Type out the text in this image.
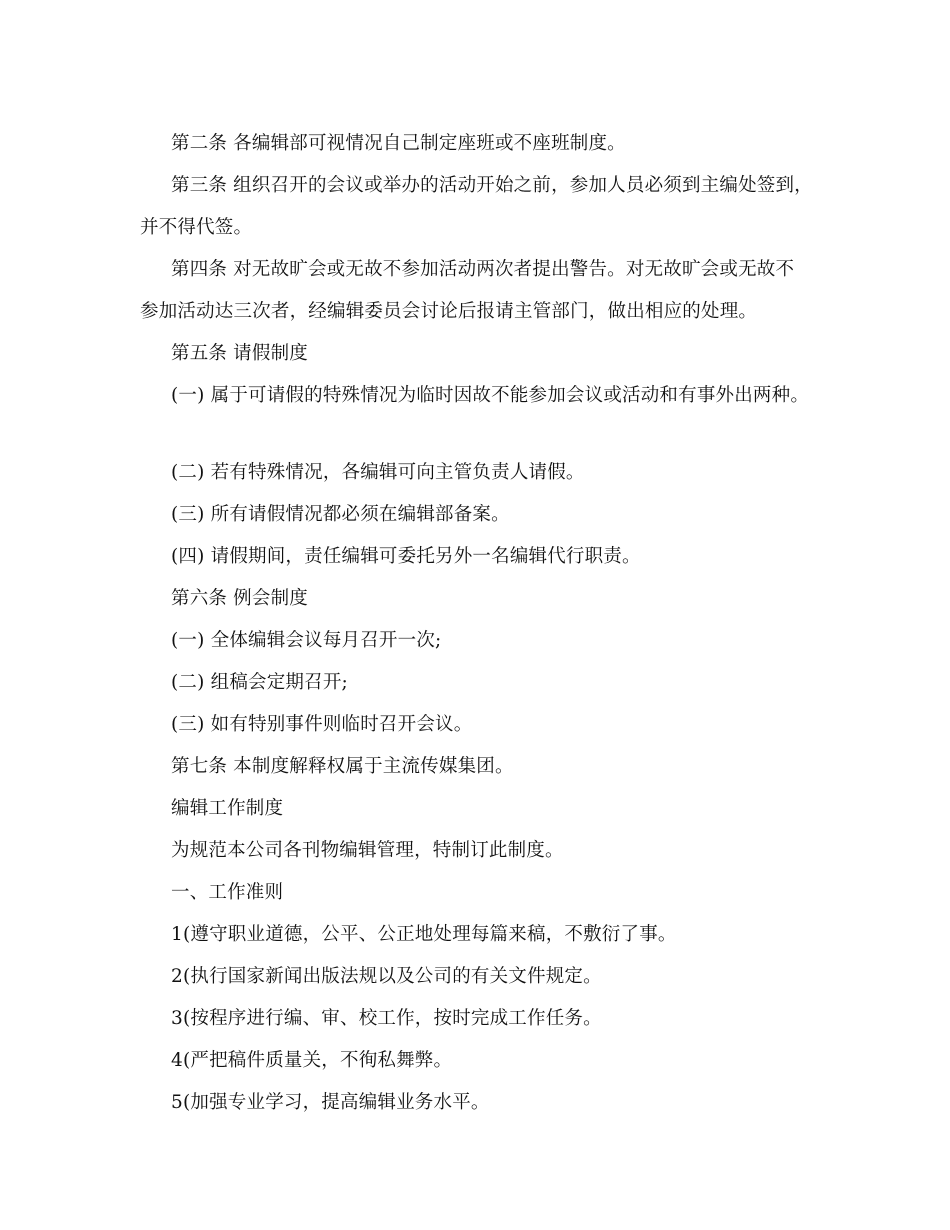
第二条 各编辑部可视情况自己制定座班或不座班制度。
第三条 组织召开的会议或举办的活动开始之前，参加人员必须到主编处签到，
并不得代签。
第四条 对无故旷会或无故不参加活动两次者提出警告。对无故旷会或无故不
参加活动达三次者，经编辑委员会讨论后报请主管部门，做出相应的处理。
第五条 请假制度
(一) 属于可请假的特殊情况为临时因故不能参加会议或活动和有事外出两种。
(二) 若有特殊情况，各编辑可向主管负责人请假。
(三) 所有请假情况都必须在编辑部备案。
(四) 请假期间，责任编辑可委托另外一名编辑代行职责。
第六条 例会制度
(一) 全体编辑会议每月召开一次;
(二) 组稿会定期召开;
(三) 如有特别事件则临时召开会议。
第七条 本制度解释权属于主流传媒集团。
编辑工作制度
为规范本公司各刊物编辑管理，特制订此制度。
一、工作准则
1(遵守职业道德，公平、公正地处理每篇来稿，不敷衍了事。
2(执行国家新闻出版法规以及公司的有关文件规定。
3(按程序进行编、审、校工作，按时完成工作任务。
4(严把稿件质量关，不徇私舞弊。
5(加强专业学习，提高编辑业务水平。
